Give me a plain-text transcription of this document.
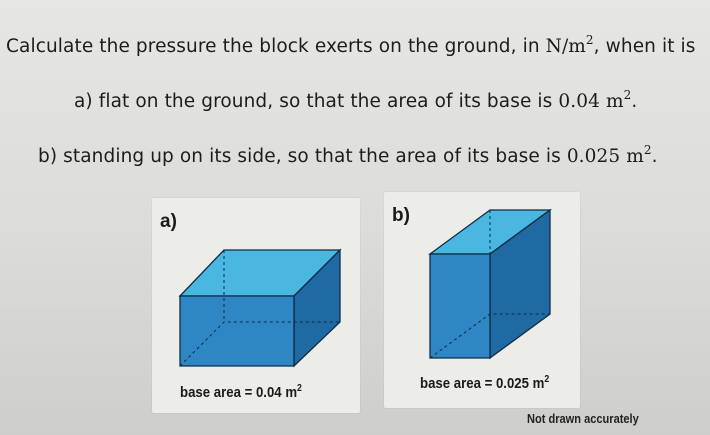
Calculate the pressure the block exerts on the ground, in $N/m^2$, when it is
a) flat on the ground, so that the area of its base is 0.04 $m^2$.
b) standing up on its side, so that the area of its base is 0.025 $m^2$.
a)
base area = 0.04 $m^2$
b)
base area = 0.025 $m^2$
Not drawn accurately
